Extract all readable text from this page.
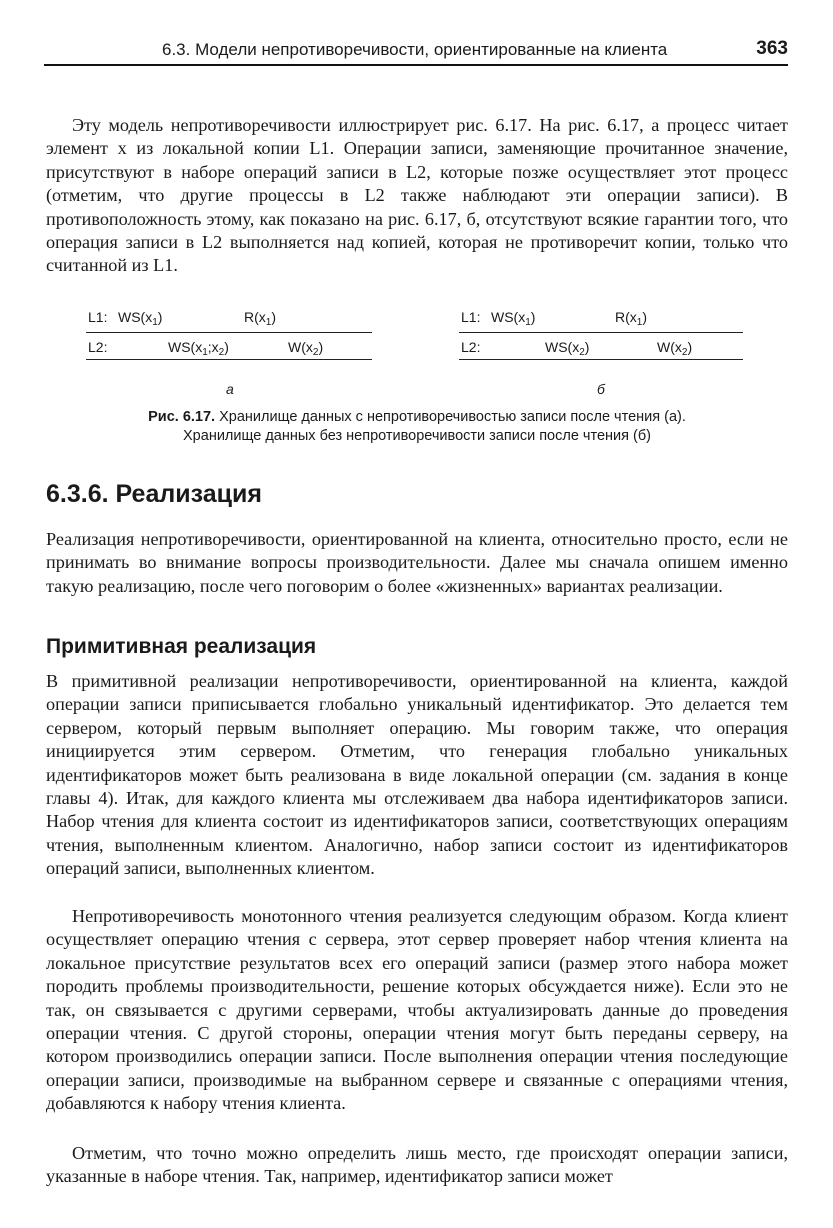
6.3. Модели непротиворечивости, ориентированные на клиента	363

Эту модель непротиворечивости иллюстрирует рис. 6.17. На рис. 6.17, а процесс читает элемент x из локальной копии L1. Операции записи, заменяющие прочитанное значение, присутствуют в наборе операций записи в L2, которые позже осуществляет этот процесс (отметим, что другие процессы в L2 также наблюдают эти операции записи). В противоположность этому, как показано на рис. 6.17, б, отсутствуют всякие гарантии того, что операция записи в L2 выполняется над копией, которая не противоречит копии, только что считанной из L1.

L1: $WS(x_1)$	$R(x_1)$
L2:	$WS(x_1;x_2)$	$W(x_2)$
а
L1: $WS(x_1)$	$R(x_1)$
L2:	$WS(x_2)$	$W(x_2)$
б
Рис. 6.17. Хранилище данных с непротиворечивостью записи после чтения (а).
Хранилище данных без непротиворечивости записи после чтения (б)
6.3.6. Реализация

Реализация непротиворечивости, ориентированной на клиента, относительно просто, если не принимать во внимание вопросы производительности. Далее мы сначала опишем именно такую реализацию, после чего поговорим о более «жизненных» вариантах реализации.

Примитивная реализация

В примитивной реализации непротиворечивости, ориентированной на клиента, каждой операции записи приписывается глобально уникальный идентификатор. Это делается тем сервером, который первым выполняет операцию. Мы говорим также, что операция инициируется этим сервером. Отметим, что генерация глобально уникальных идентификаторов может быть реализована в виде локальной операции (см. задания в конце главы 4). Итак, для каждого клиента мы отслеживаем два набора идентификаторов записи. Набор чтения для клиента состоит из идентификаторов записи, соответствующих операциям чтения, выполненным клиентом. Аналогично, набор записи состоит из идентификаторов операций записи, выполненных клиентом.

Непротиворечивость монотонного чтения реализуется следующим образом. Когда клиент осуществляет операцию чтения с сервера, этот сервер проверяет набор чтения клиента на локальное присутствие результатов всех его операций записи (размер этого набора может породить проблемы производительности, решение которых обсуждается ниже). Если это не так, он связывается с другими серверами, чтобы актуализировать данные до проведения операции чтения. С другой стороны, операции чтения могут быть переданы серверу, на котором производились операции записи. После выполнения операции чтения последующие операции записи, производимые на выбранном сервере и связанные с операциями чтения, добавляются к набору чтения клиента.

Отметим, что точно можно определить лишь место, где происходят операции записи, указанные в наборе чтения. Так, например, идентификатор записи может
